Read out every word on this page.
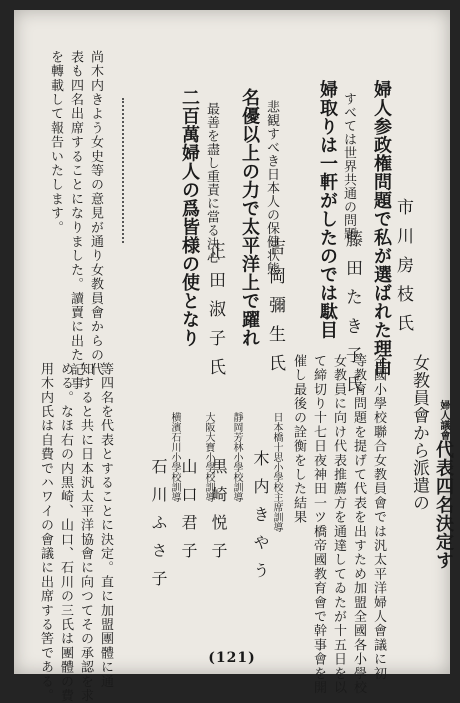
婦人参政権問題で私が選ばれた理由 市川房枝氏
婦取りは一軒がしたのでは駄目 すべては世界共通の問題
藤田たき子氏
名優以上の力で太平洋上で躍れ 悲観すべき日本人の保健状態
吉岡彌生氏
二百萬婦人の爲皆様の使となり 最善を盡し重責に當る決心
正田淑子氏
尚木内きよう女史等の意見が通り女教員會からの代
表も四名出席することになりました。讀賣に出た記事
を轉載して報告いたします。
女教員會から派遣の 婦人議會代表四名決定す
全國小學校聯合女教員會では汎太平洋婦人會議に初
等教育問題を提げて代表を出すため加盟全國各小學校
女教員に向け代表推薦方を通達してゐたが十五日を以
て締切り十七日夜神田一ツ橋帝國教育會で幹事會を開
催し最後の詮衡をした結果
日本橋十思小學校主席訓導
木内きやう
靜岡芳林小學校訓導
黒崎悦子
大阪大寶小學校訓導
山口君子
横濱石川小學校訓導
石川ふさ子
等四名を代表とすることに決定。直に加盟團體に通
知すると共に日本汎太平洋協會に向つてその承認を求
める。なほ右の内黒崎、山口、石川の三氏は團體の費
用木内氏は自費でハワイの會議に出席する筈である。	(121)
